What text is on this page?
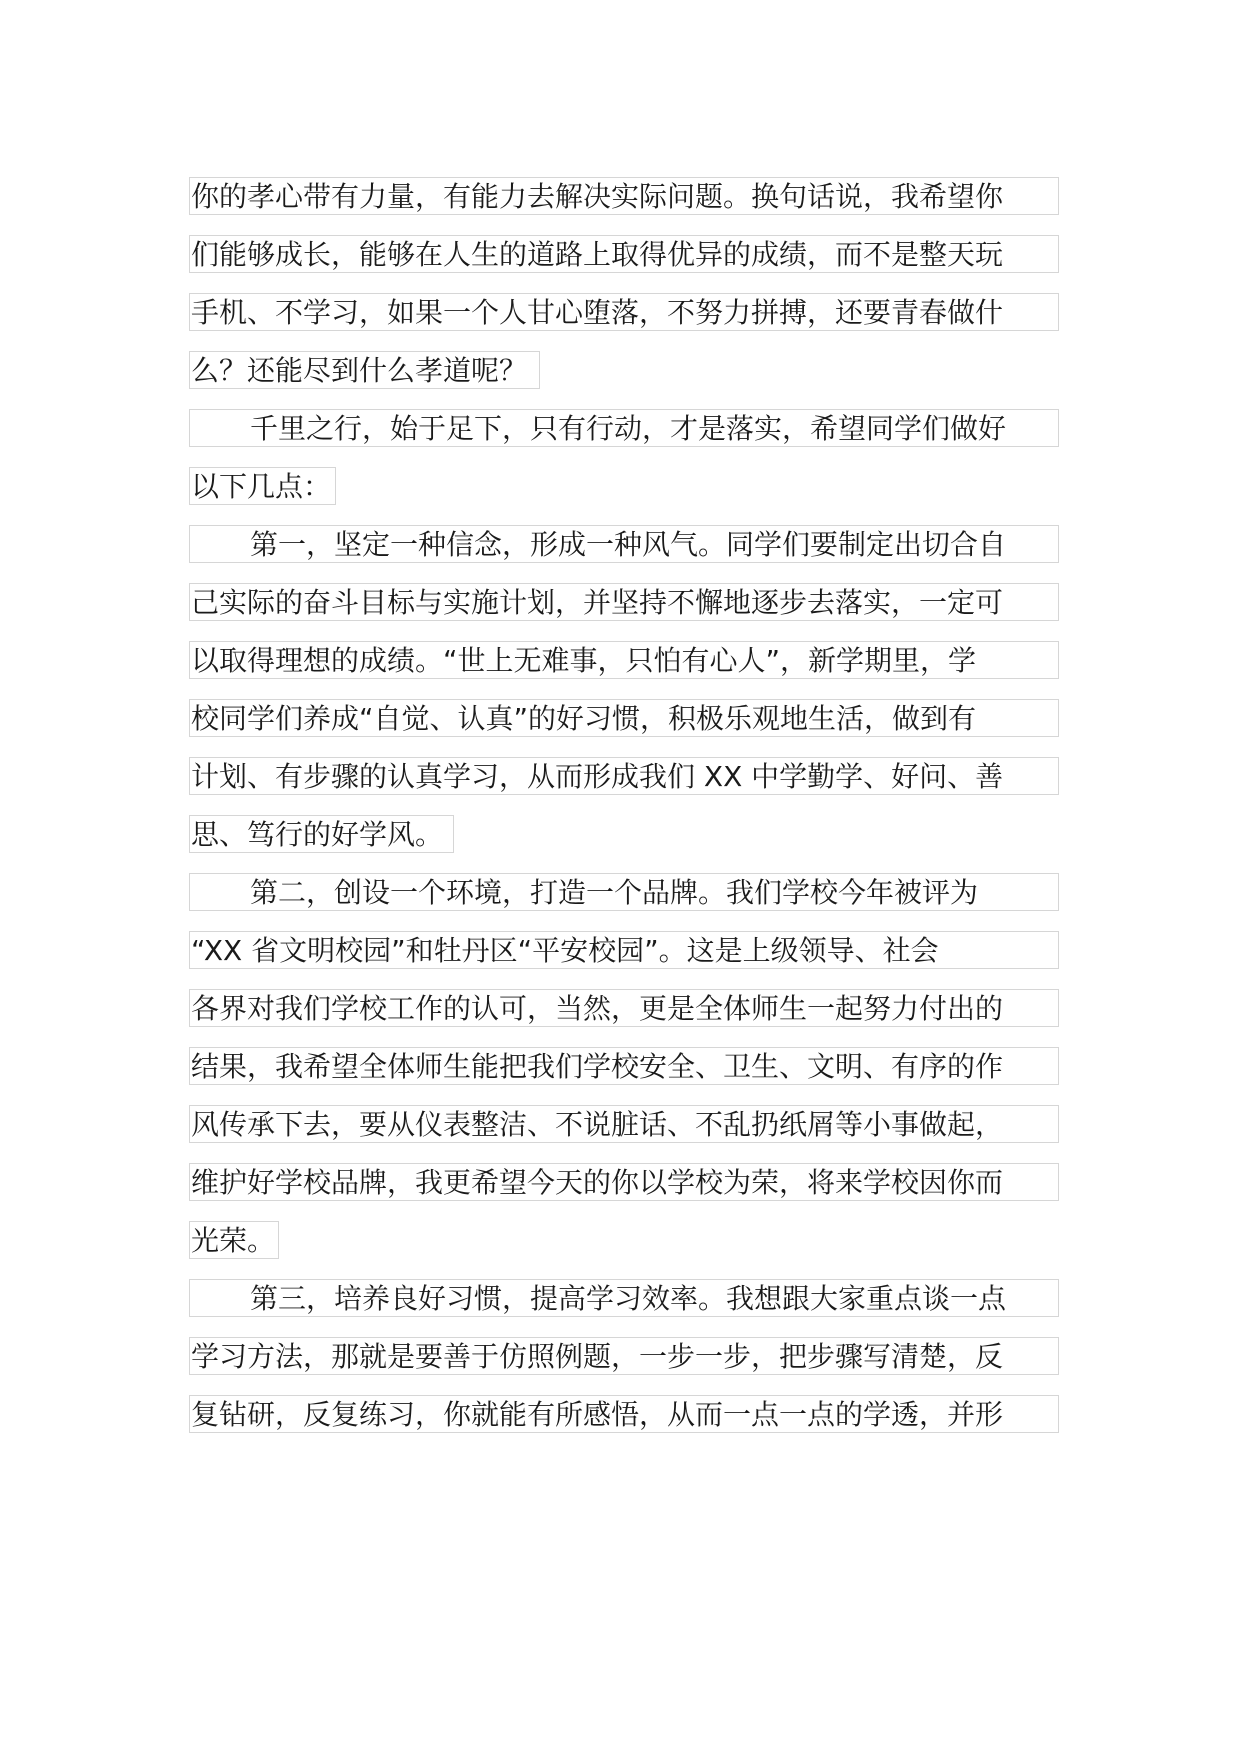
你的孝心带有力量，有能力去解决实际问题。换句话说，我希望你
们能够成长，能够在人生的道路上取得优异的成绩，而不是整天玩
手机、不学习，如果一个人甘心堕落，不努力拼搏，还要青春做什
么？还能尽到什么孝道呢？
千里之行，始于足下，只有行动，才是落实，希望同学们做好
以下几点：
第一，坚定一种信念，形成一种风气。同学们要制定出切合自
己实际的奋斗目标与实施计划，并坚持不懈地逐步去落实，一定可
以取得理想的成绩。“世上无难事，只怕有心人”，新学期里，学
校同学们养成“自觉、认真”的好习惯，积极乐观地生活，做到有
计划、有步骤的认真学习，从而形成我们 XX 中学勤学、好问、善
思、笃行的好学风。
第二，创设一个环境，打造一个品牌。我们学校今年被评为
“XX 省文明校园”和牡丹区“平安校园”。这是上级领导、社会
各界对我们学校工作的认可，当然，更是全体师生一起努力付出的
结果，我希望全体师生能把我们学校安全、卫生、文明、有序的作
风传承下去，要从仪表整洁、不说脏话、不乱扔纸屑等小事做起，
维护好学校品牌，我更希望今天的你以学校为荣，将来学校因你而
光荣。
第三，培养良好习惯，提高学习效率。我想跟大家重点谈一点
学习方法，那就是要善于仿照例题，一步一步，把步骤写清楚，反
复钻研，反复练习，你就能有所感悟，从而一点一点的学透，并形
